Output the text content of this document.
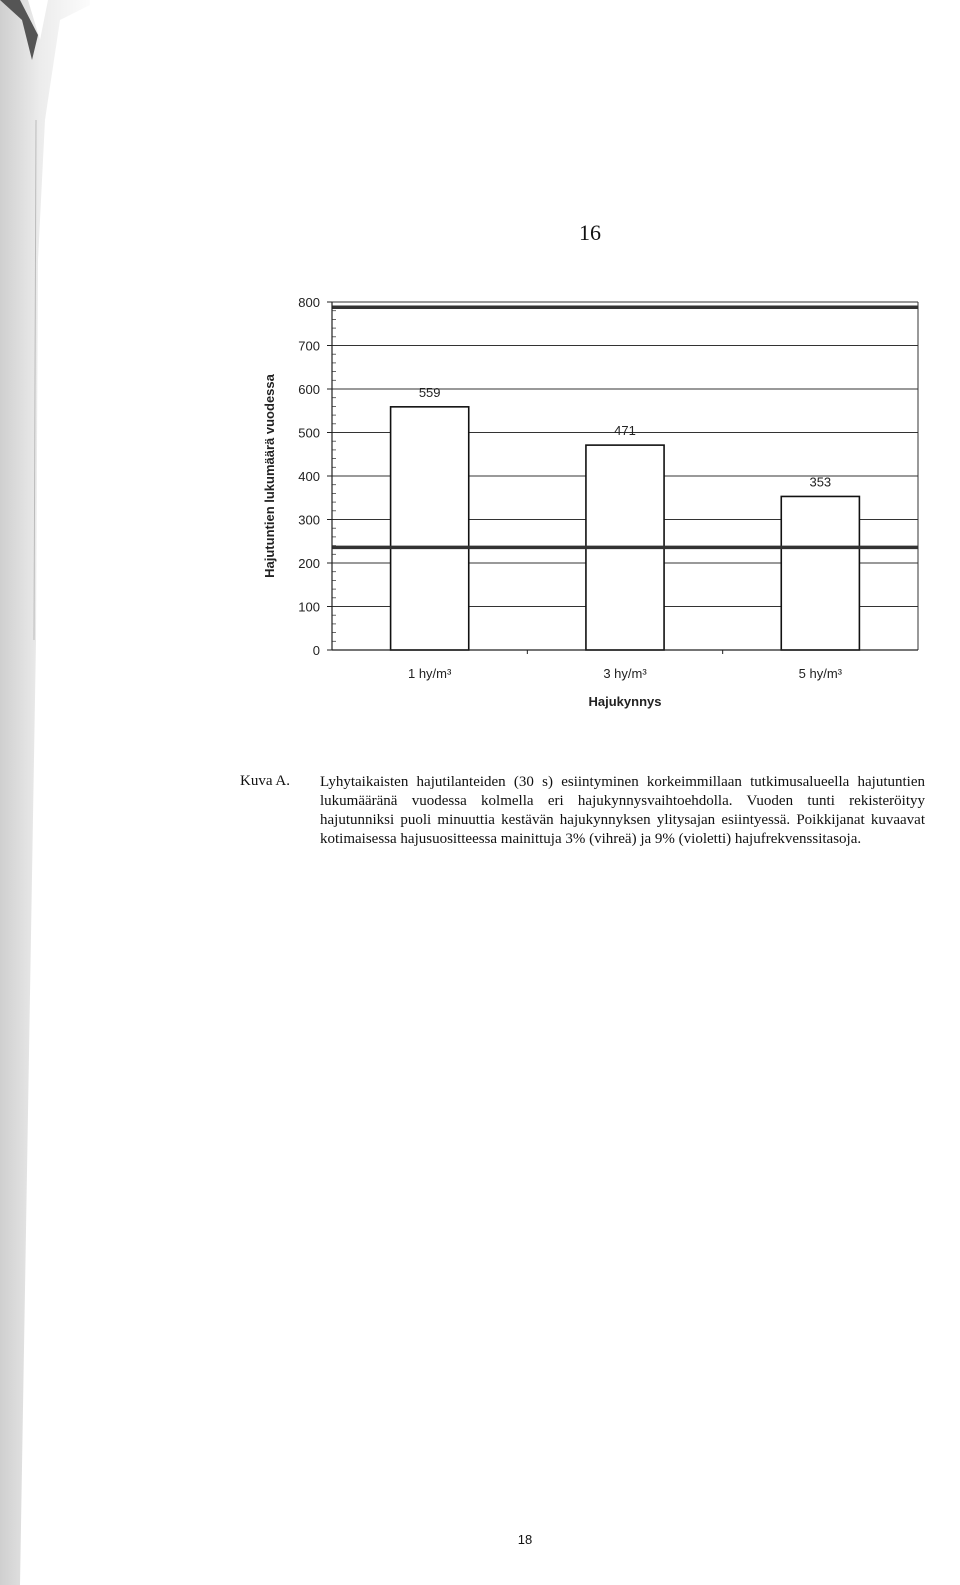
16
0
100
200
300
400
500
600
700
800
559
1 hy/m³
471
3 hy/m³
353
5 hy/m³
Hajukynnys
Hajutuntien lukumäärä vuodessa
Kuva A. Lyhytaikaisten hajutilanteiden (30 s) esiintyminen korkeimmillaan tutkimusalueella hajutuntien lukumääränä vuodessa kolmella eri hajukynnysvaihtoehdolla. Vuoden tunti rekisteröityy hajutunniksi puoli minuuttia kestävän hajukynnyksen ylitysajan esiintyessä. Poikkijanat kuvaavat kotimaisessa hajusuositteessa mainittuja 3% (vihreä) ja 9% (violetti) hajufrekvenssitasoja.
18
